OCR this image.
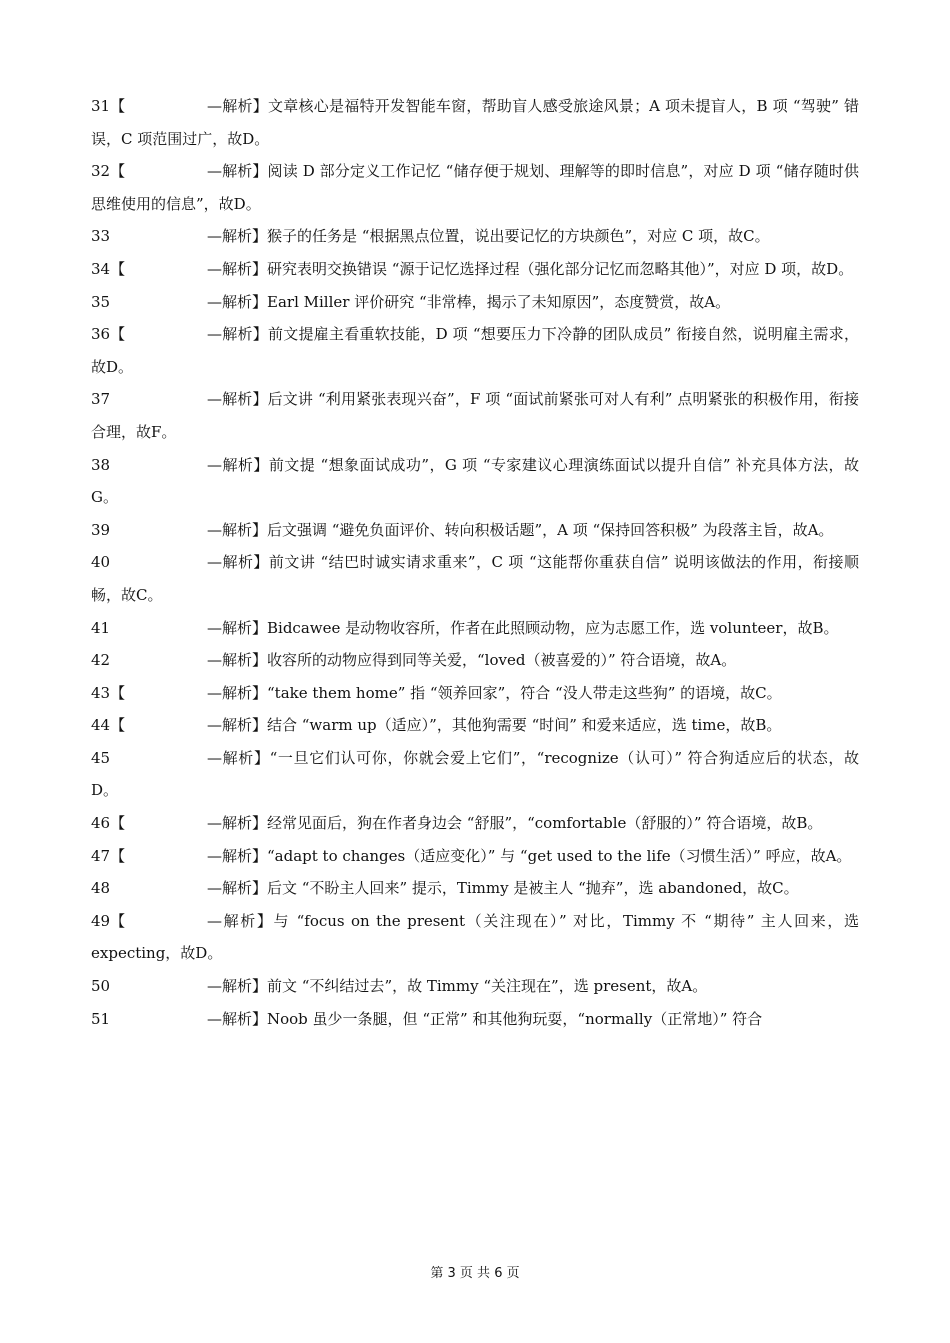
31【	—解析】文章核心是福特开发智能车窗，帮助盲人感受旅途风景；A 项未提盲人，B 项 “驾驶” 错误，C 项范围过广，故D。
32【	—解析】阅读 D 部分定义工作记忆 “储存便于规划、理解等的即时信息”，对应 D 项 “储存随时供思维使用的信息”，故D。
33	—解析】猴子的任务是 “根据黑点位置，说出要记忆的方块颜色”，对应 C 项，故C。
34【	—解析】研究表明交换错误 “源于记忆选择过程（强化部分记忆而忽略其他）”，对应 D 项，故D。
35	—解析】Earl Miller 评价研究 “非常棒，揭示了未知原因”，态度赞赏，故A。
36【	—解析】前文提雇主看重软技能，D 项 “想要压力下冷静的团队成员” 衔接自然，说明雇主需求，故D。
37	—解析】后文讲 “利用紧张表现兴奋”，F 项 “面试前紧张可对人有利” 点明紧张的积极作用，衔接合理，故F。
38	—解析】前文提 “想象面试成功”，G 项 “专家建议心理演练面试以提升自信” 补充具体方法，故G。
39	—解析】后文强调 “避免负面评价、转向积极话题”，A 项 “保持回答积极” 为段落主旨，故A。
40	—解析】前文讲 “结巴时诚实请求重来”，C 项 “这能帮你重获自信” 说明该做法的作用，衔接顺畅，故C。
41	—解析】Bidcawee 是动物收容所，作者在此照顾动物，应为志愿工作，选 volunteer，故B。
42	—解析】收容所的动物应得到同等关爱，“loved（被喜爱的）” 符合语境，故A。
43【	—解析】“take them home” 指 “领养回家”，符合 “没人带走这些狗” 的语境，故C。
44【	—解析】结合 “warm up（适应）”，其他狗需要 “时间” 和爱来适应，选 time，故B。
45	—解析】“一旦它们认可你，你就会爱上它们”，“recognize（认可）” 符合狗适应后的状态，故D。
46【	—解析】经常见面后，狗在作者身边会 “舒服”，“comfortable（舒服的）” 符合语境，故B。
47【	—解析】“adapt to changes（适应变化）” 与 “get used to the life（习惯生活）” 呼应，故A。
48	—解析】后文 “不盼主人回来” 提示，Timmy 是被主人 “抛弃”，选 abandoned，故C。
49【	—解析】与 “focus on the present（关注现在）” 对比，Timmy 不 “期待” 主人回来，选 expecting，故D。
50	—解析】前文 “不纠结过去”，故 Timmy “关注现在”，选 present，故A。
51	—解析】Noob 虽少一条腿，但 “正常” 和其他狗玩耍，“normally（正常地）” 符合
第 3 页 共 6 页
